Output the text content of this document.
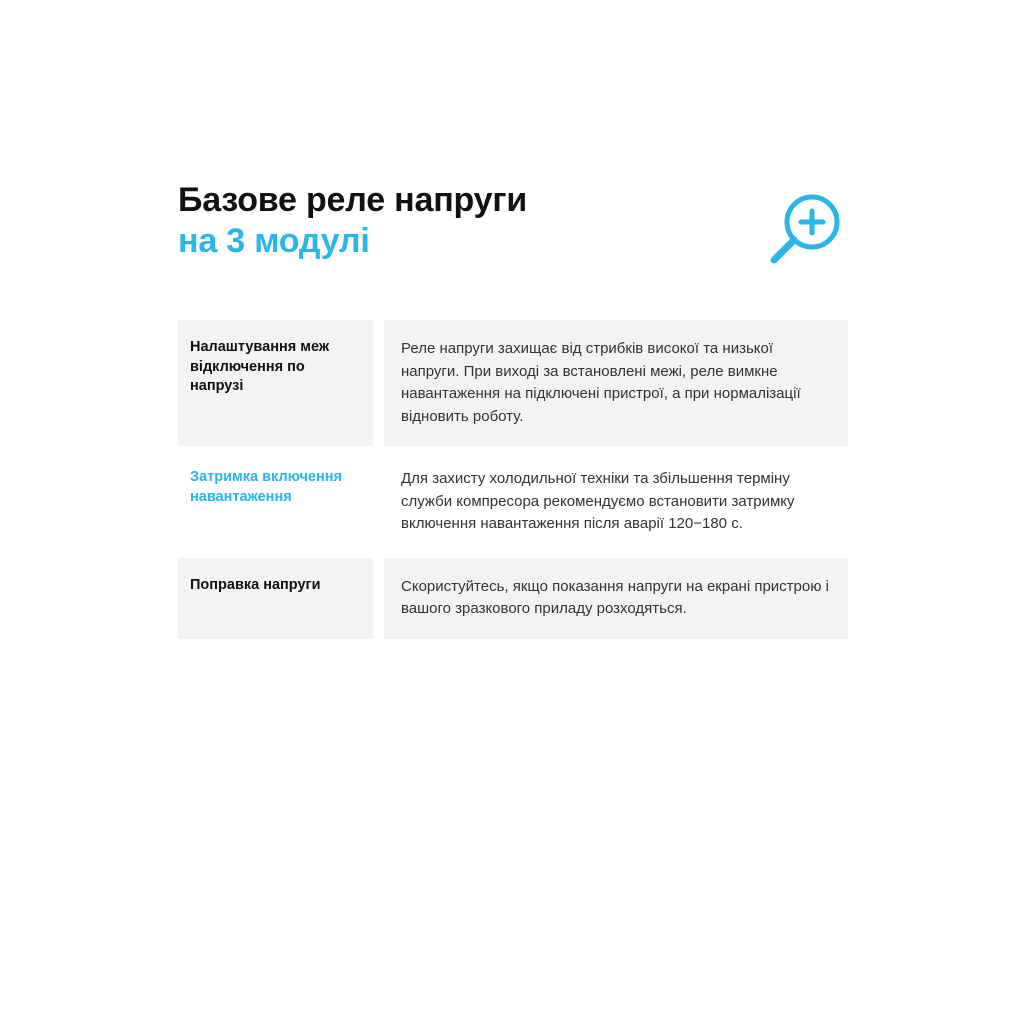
Базове реле напруги
на 3 модулі
Налаштування меж відключення по напрузі
Реле напруги захищає від стрибків високої та низької напруги. При виході за встановлені межі, реле вимкне навантаження на підключені пристрої, а при нормалізації відновить роботу.
Затримка включення навантаження
Для захисту холодильної техніки та збільшення терміну служби компресора рекомендуємо встановити затримку включення навантаження після аварії 120−180 с.
Поправка напруги	Скористуйтесь, якщо показання напруги на екрані пристрою і вашого зразкового приладу розходяться.
